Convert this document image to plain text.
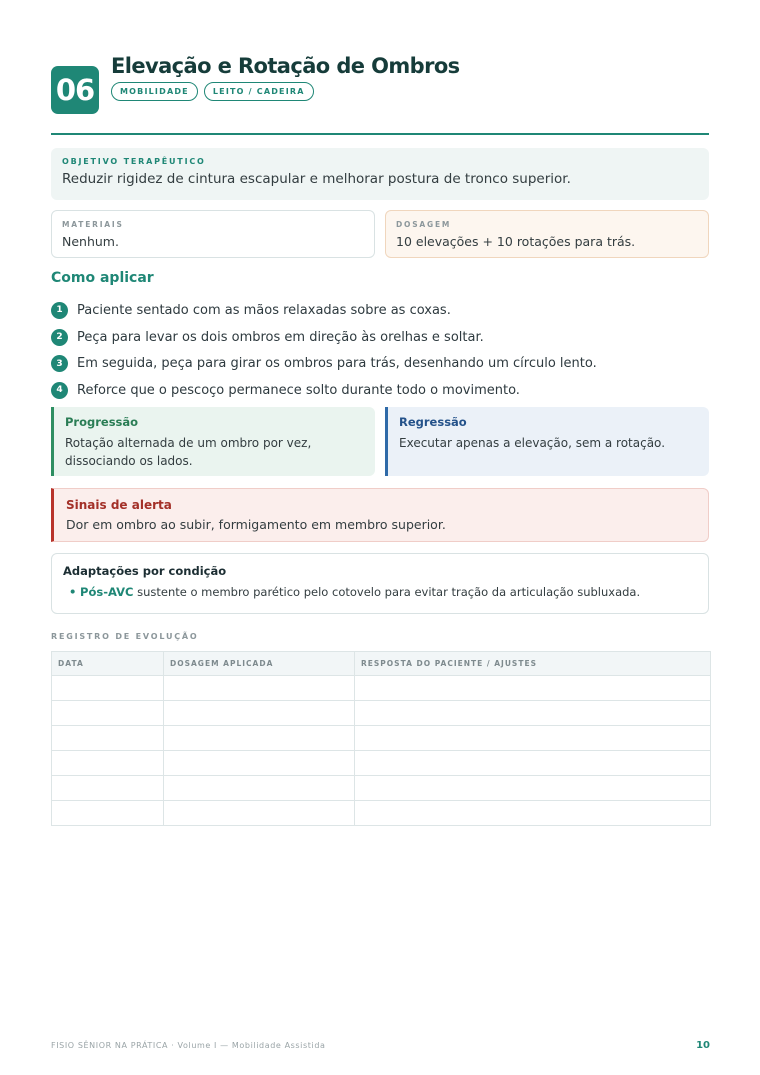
06
Elevação e Rotação de Ombros
MOBILIDADE	LEITO / CADEIRA
OBJETIVO TERAPÊUTICO
Reduzir rigidez de cintura escapular e melhorar postura de tronco superior.
MATERIAIS
Nenhum.
DOSAGEM
10 elevações + 10 rotações para trás.
Como aplicar
1	Paciente sentado com as mãos relaxadas sobre as coxas.
2	Peça para levar os dois ombros em direção às orelhas e soltar.
3	Em seguida, peça para girar os ombros para trás, desenhando um círculo lento.
4	Reforce que o pescoço permanece solto durante todo o movimento.
Progressão
Rotação alternada de um ombro por vez, dissociando os lados.
Regressão
Executar apenas a elevação, sem a rotação.
Sinais de alerta
Dor em ombro ao subir, formigamento em membro superior.
Adaptações por condição
• Pós-AVC sustente o membro parético pelo cotovelo para evitar tração da articulação subluxada.
REGISTRO DE EVOLUÇÃO
DATA	DOSAGEM APLICADA	RESPOSTA DO PACIENTE / AJUSTES

FISIO SÊNIOR NA PRÁTICA · Volume I — Mobilidade Assistida	10
